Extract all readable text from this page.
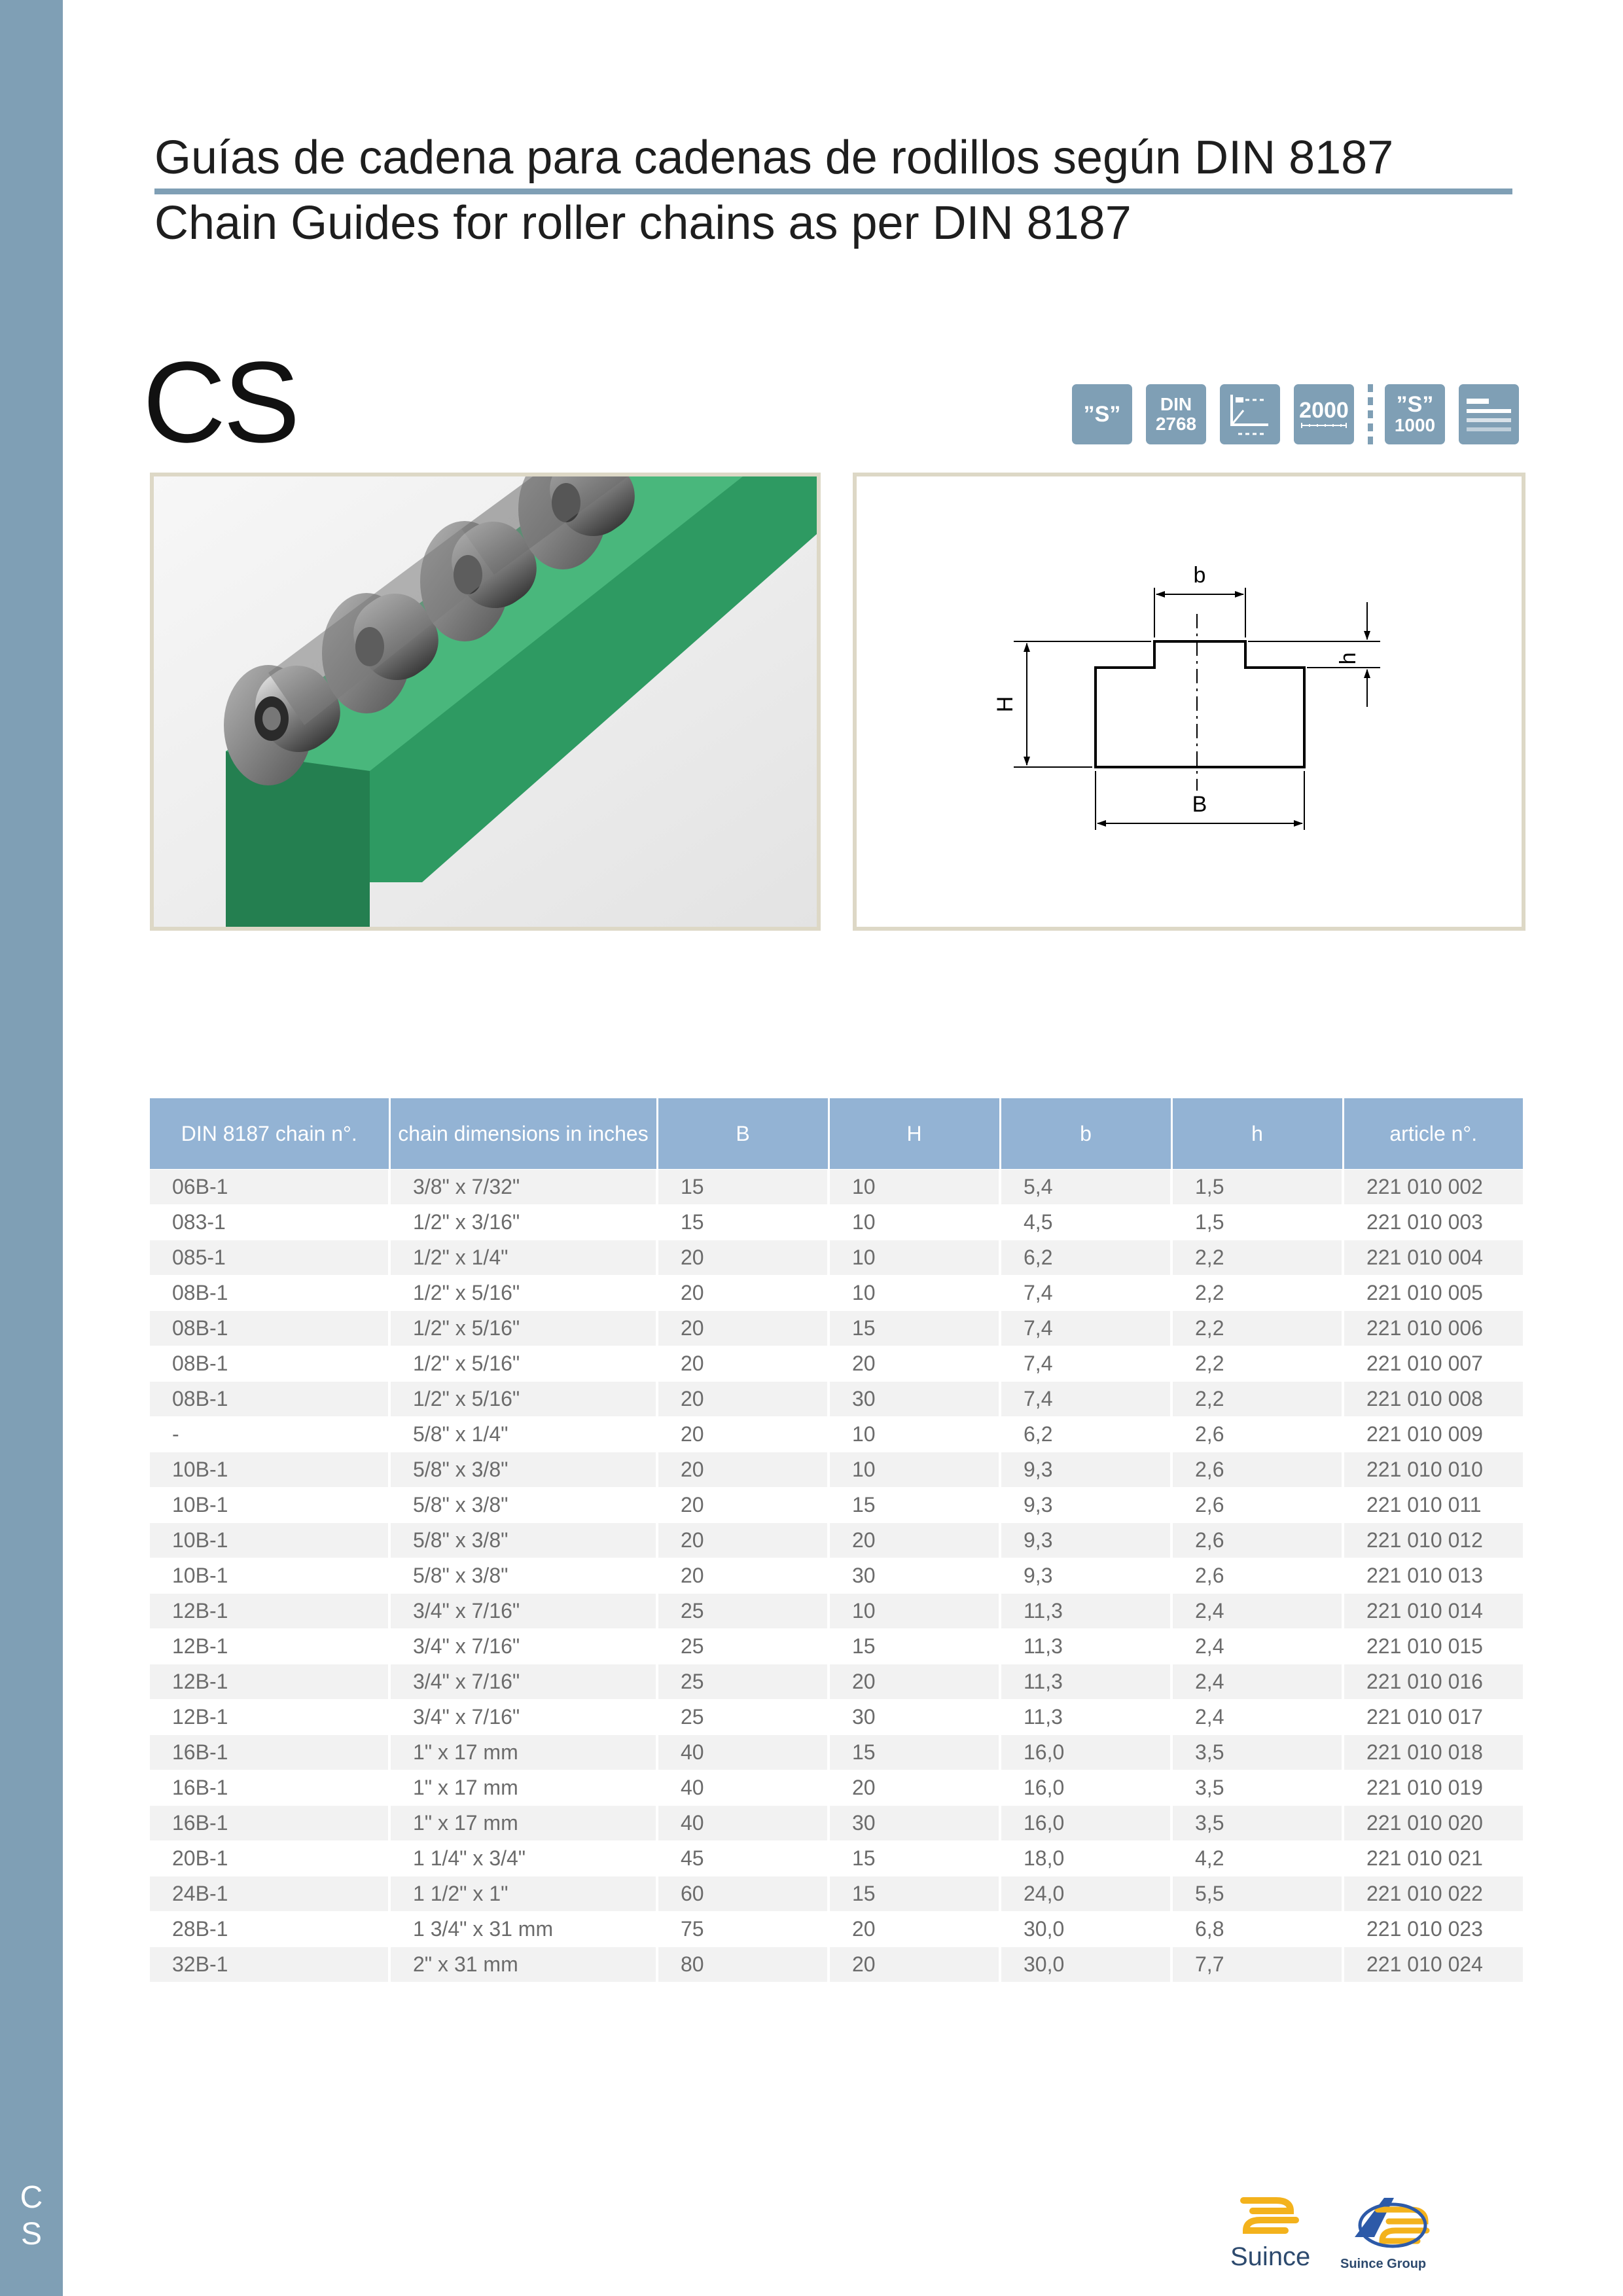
C
S
Guías de cadena para cadenas de rodillos según DIN 8187
Chain Guides for roller chains as per DIN 8187
CS	”S” DIN
2768
2000 ”S”
1000
b
h
H
B
DIN 8187 chain n°.	chain dimensions in inches	B	H	b	h	article n°.
06B-1	3/8" x 7/32"	15	10	5,4	1,5	221 010 002
083-1	1/2" x 3/16"	15	10	4,5	1,5	221 010 003
085-1	1/2" x 1/4"	20	10	6,2	2,2	221 010 004
08B-1	1/2" x 5/16"	20	10	7,4	2,2	221 010 005
08B-1	1/2" x 5/16"	20	15	7,4	2,2	221 010 006
08B-1	1/2" x 5/16"	20	20	7,4	2,2	221 010 007
08B-1	1/2" x 5/16"	20	30	7,4	2,2	221 010 008
-	5/8" x 1/4"	20	10	6,2	2,6	221 010 009
10B-1	5/8" x 3/8"	20	10	9,3	2,6	221 010 010
10B-1	5/8" x 3/8"	20	15	9,3	2,6	221 010 011
10B-1	5/8" x 3/8"	20	20	9,3	2,6	221 010 012
10B-1	5/8" x 3/8"	20	30	9,3	2,6	221 010 013
12B-1	3/4" x 7/16"	25	10	11,3	2,4	221 010 014
12B-1	3/4" x 7/16"	25	15	11,3	2,4	221 010 015
12B-1	3/4" x 7/16"	25	20	11,3	2,4	221 010 016
12B-1	3/4" x 7/16"	25	30	11,3	2,4	221 010 017
16B-1	1" x 17 mm	40	15	16,0	3,5	221 010 018
16B-1	1" x 17 mm	40	20	16,0	3,5	221 010 019
16B-1	1" x 17 mm	40	30	16,0	3,5	221 010 020
20B-1	1 1/4" x 3/4"	45	15	18,0	4,2	221 010 021
24B-1	1 1/2" x 1"	60	15	24,0	5,5	221 010 022
28B-1	1 3/4" x 31 mm	75	20	30,0	6,8	221 010 023
32B-1	2" x 31 mm	80	20	30,0	7,7	221 010 024
Suince Suince Group
